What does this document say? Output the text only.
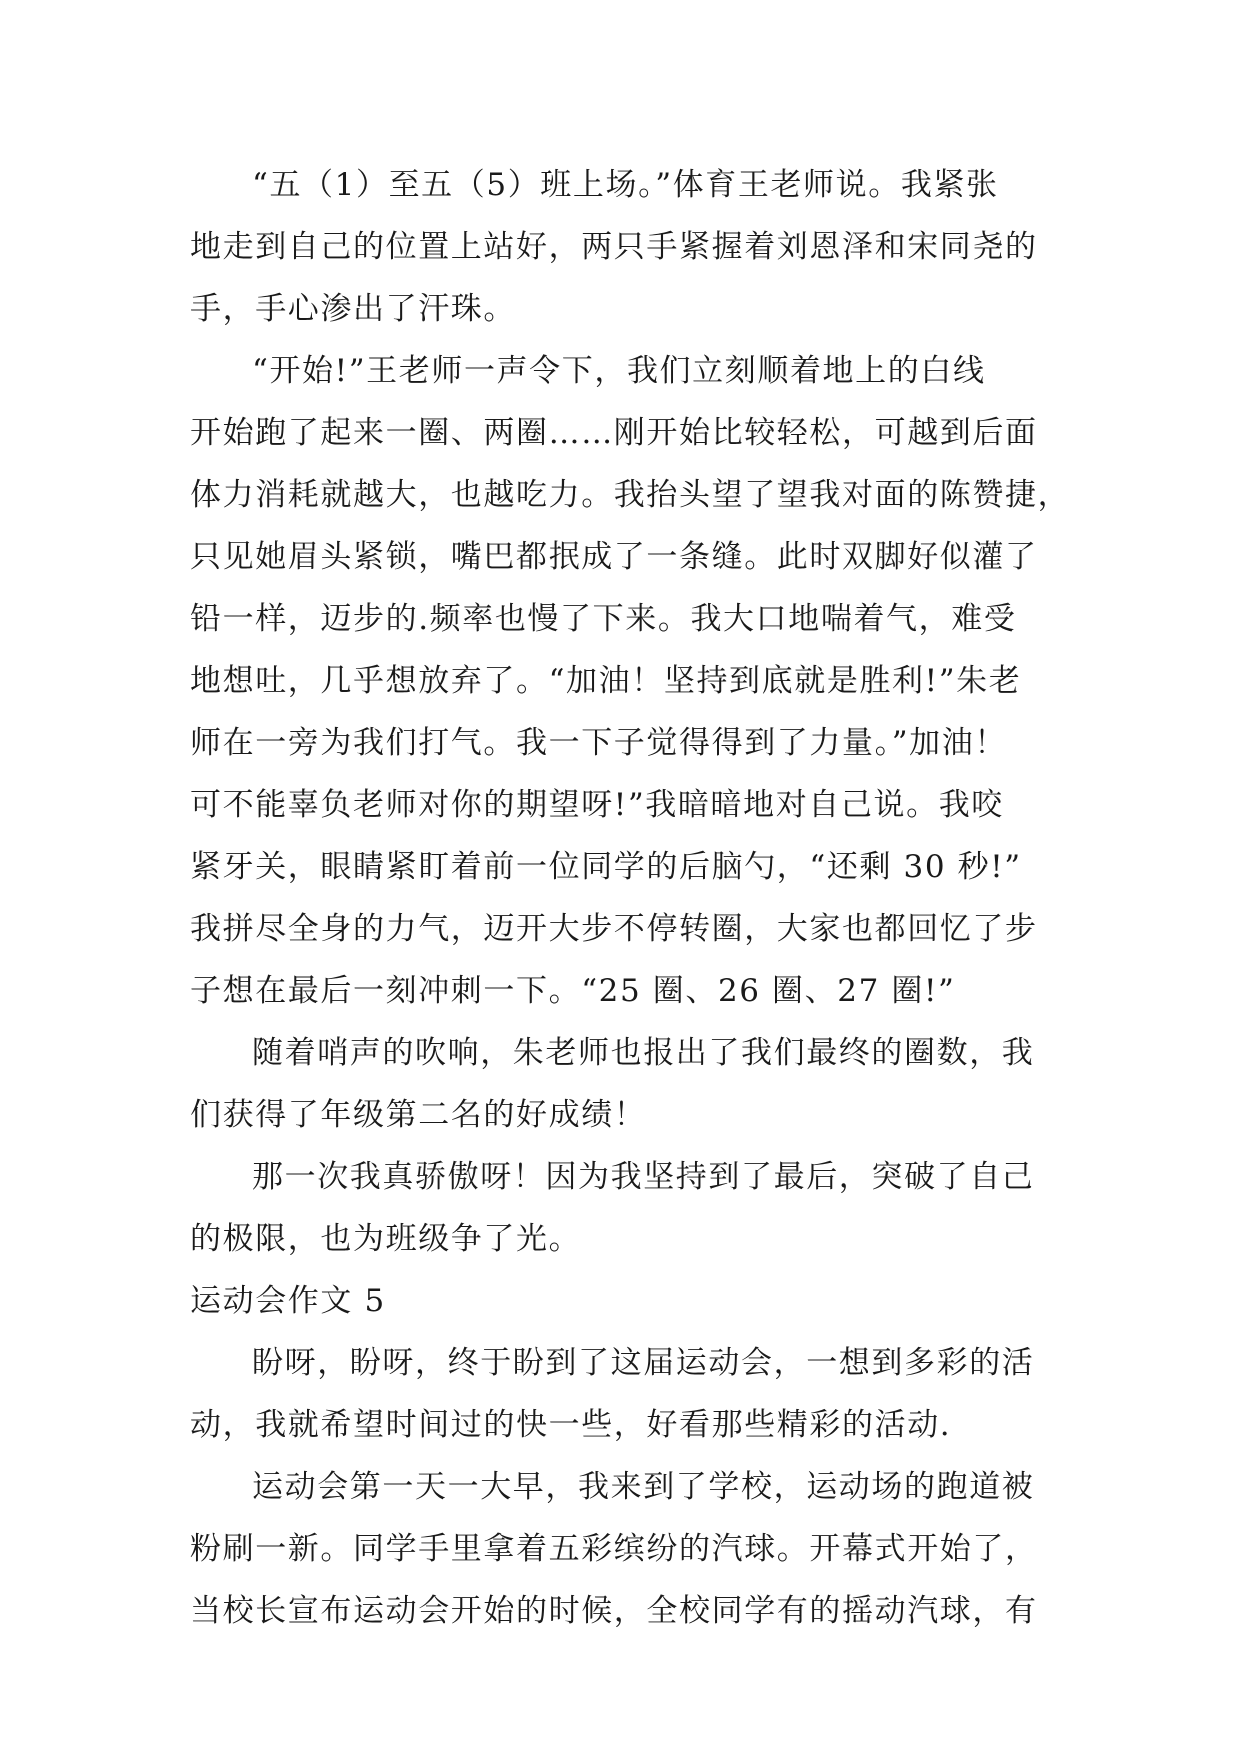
“五（1）至五（5）班上场。”体育王老师说。我紧张
地走到自己的位置上站好，两只手紧握着刘恩泽和宋同尧的
手，手心渗出了汗珠。
“开始!”王老师一声令下，我们立刻顺着地上的白线
开始跑了起来一圈、两圈……刚开始比较轻松，可越到后面
体力消耗就越大，也越吃力。我抬头望了望我对面的陈赞捷，
只见她眉头紧锁，嘴巴都抿成了一条缝。此时双脚好似灌了
铅一样，迈步的.频率也慢了下来。我大口地喘着气，难受
地想吐，几乎想放弃了。“加油！坚持到底就是胜利!”朱老
师在一旁为我们打气。我一下子觉得得到了力量。”加油！
可不能辜负老师对你的期望呀!”我暗暗地对自己说。我咬
紧牙关，眼睛紧盯着前一位同学的后脑勺，“还剩 30 秒!”
我拼尽全身的力气，迈开大步不停转圈，大家也都回忆了步
子想在最后一刻冲刺一下。“25 圈、26 圈、27 圈!”
随着哨声的吹响，朱老师也报出了我们最终的圈数，我
们获得了年级第二名的好成绩！
那一次我真骄傲呀！因为我坚持到了最后，突破了自己
的极限，也为班级争了光。
运动会作文 5
盼呀，盼呀，终于盼到了这届运动会，一想到多彩的活
动，我就希望时间过的快一些，好看那些精彩的活动.
运动会第一天一大早，我来到了学校，运动场的跑道被
粉刷一新。同学手里拿着五彩缤纷的汽球。开幕式开始了，
当校长宣布运动会开始的时候，全校同学有的摇动汽球，有
